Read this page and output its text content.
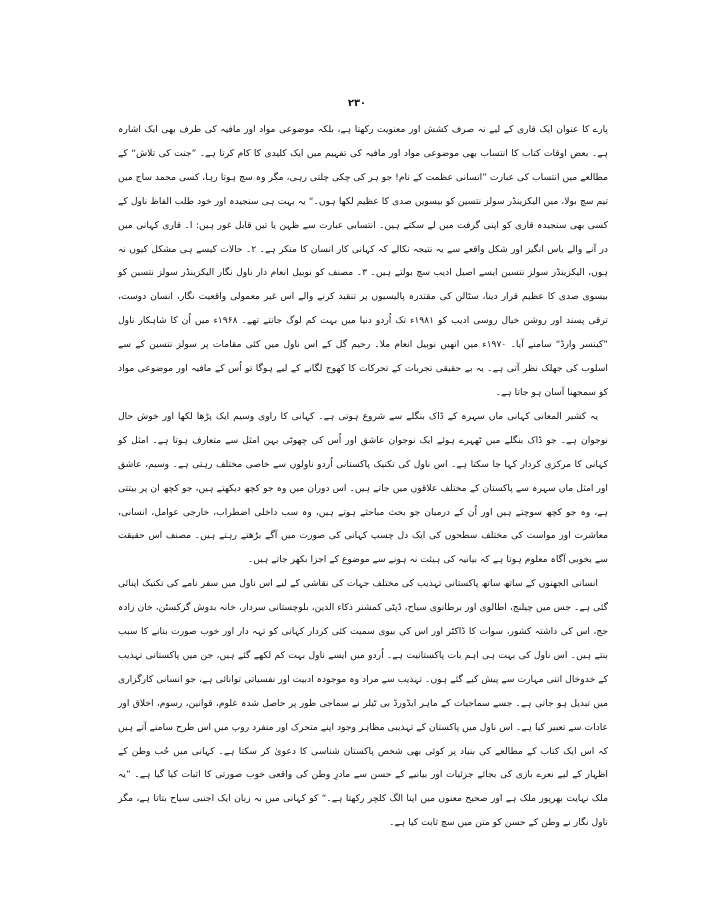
۲۳۰

پارے کا عنوان ایک قاری کے لیے نہ صرف کشش اور معنویت رکھتا ہے، بلکہ موضوعی مواد اور مافیہ کی طرف بھی ایک اشارہ ہے۔ بعض اوقات کتاب کا انتساب بھی موضوعی مواد اور مافیہ کی تفہیم میں ایک کلیدی کا کام کرتا ہے۔ ”جنت کی تلاش“ کے مطالعے میں انتساب کی عبارت ”انسانی عظمت کے نام! جو ہر کی چکی چلتی رہی، مگر وہ سچ ہوتا رہا، کسی محمد ساج میں تیم سچ بولا، میں الیکزینڈر سولز نتسین کو بیسویں صدی کا عظیم لکھا ہوں۔“ یہ بہت ہی سنجیدہ اور خود طلب الفاظ ناول کے کسی بھی سنجیدہ قاری کو اپنی گرفت میں لے سکتے ہیں۔ انتسابی عبارت سے ظہن یا تیں قابل غور ہیں: ا۔ قاری کہانی میں در آنے والے یاس انگیز اور شکل واقعے سے یہ نتیجہ نکالے کہ کہانی کار انسان کا منکر ہے۔ ۲۔ حالات کیسے ہی مشکل کیوں نہ ہوں، الیکزینڈر سولز نتسین ایسے اصیل ادیب سچ بولتے ہیں۔ ۳۔ مصنف کو نوبیل انعام دار ناول نگار الیکزینڈر سولز نتسین کو بیسوی صدی کا عظیم قرار دینا، سٹالن کی مقتدرہ پالیسیوں پر تنقید کرنے والے اس غیر معمولی واقعیت نگار، انسان دوست، ترقی پسند اور روشن خیال روسی ادیب کو ۱۹۸۱ء تک اُردو دنیا میں بہت کم لوگ جانتے تھے۔ ۱۹۶۸ء میں اُن کا شاہکار ناول ”کینسر وارڈ“ سامنے آیا۔ ۱۹۷۰ء میں انھیں نوبیل انعام ملا۔ رحیم گل کے اس ناول میں کئی مقامات پر سولز نتسین کے سے اسلوب کی جھلک نظر آتی ہے۔ یہ بے حقیقی تجربات کے تحرکات کا کھوج لگانے کے لیے ہوگا تو اُس کے مافیہ اور موضوعی مواد کو سمجھنا آسان ہو جاتا ہے۔

یہ کشیر المعانی کہانی ماں سہرہ کے ڈاک بنگلے سے شروع ہوتی ہے۔ کہانی کا راوی وسیم ایک پڑھا لکھا اور خوش حال نوجوان ہے۔ جو ڈاک بنگلے میں ٹھہرے ہوئے ایک نوجوان عاشق اور اُس کی چھوٹی بہن امثل سے متعارف ہوتا ہے۔ امثل کو کہانی کا مرکزی کردار کہا جا سکتا ہے۔ اس ناول کی تکنیک پاکستانی اُردو ناولوں سے خاصی مختلف رہتی ہے۔ وسیم، عاشق اور امثل ماں سہرہ سے پاکستان کے مختلف علاقوں میں جاتے ہیں۔ اس دوران میں وہ جو کچھ دیکھتے ہیں، جو کچھ ان پر بیتتی ہے، وہ جو کچھ سوچتے ہیں اور اُن کے درمیان جو بحث مباحثے ہوتے ہیں، وہ سب داخلی اضطراب، خارجی عوامل، انسانی، معاشرت اور مواست کی مختلف سطحوں کی ایک دل چسپ کہانی کی صورت میں آگے بڑھتے رہتے ہیں۔ مصنف اس حقیقت سے بخوبی آگاہ معلوم ہوتا ہے کہ بیانیہ کی ہیئت نہ ہونے سے موضوع کے اجزا بکھر جاتے ہیں۔

انسانی الجھنوں کے ساتھ ساتھ پاکستانی تہذیب کی مختلف جہات کی نقاشی کے لیے اس ناول میں سفر نامے کی تکنیک اپنائی گئی ہے۔ جس میں چیلنج، اطالوی اور برطانوی سیاح، ڈپٹی کمشنر ذکاء الدین، بلوچستانی سردار، خانہ بدوش گرکسٹن، خان زادہ جج، اس کی داشتہ کشور، سوات کا ڈاکٹر اور اس کی بیوی سمیت کئی کردار کہانی کو تہہ دار اور خوب صورت بنانے کا سبب بنتے ہیں۔ اس ناول کی بہت ہی اہم بات پاکستانیت ہے۔ اُردو میں ایسے ناول بہت کم لکھے گئے ہیں، جن میں پاکستانی تہذیب کے خدوخال اتنی مہارت سے پیش کیے گئے ہوں۔ تہذیب سے مراد وہ موجودہ ادبیت اور نفسیاتی توانائی ہے، جو انسانی کارگزاری میں تبدیل ہو جاتی ہے۔ جسے سماجیات کے ماہر ایڈورڈ بی ٹیلر نے سماجی طور پر حاصل شدہ علوم، قوانین، رسوم، اخلاق اور عادات سے تعبیر کیا ہے۔ اس ناول میں پاکستان کے تہذیبی مظاہر وجود اپنے متحرک اور منفرد روپ میں اس طرح سامنے آتے ہیں کہ اس ایک کتاب کے مطالعے کی بنیاد پر کوئی بھی شخص پاکستان شناسی کا دعویٰ کر سکتا ہے۔ کہانی میں حُب وطن کے اظہار کے لیے نعرے بازی کی بجائے جزئیات اور بیانیے کے حسن سے مادرِ وطن کی واقعی خوب صورتی کا اثبات کیا گیا ہے۔ ”یہ ملک نہایت بھرپور ملک ہے اور صحیح معنوں میں اپنا الگ کلچر رکھتا ہے۔“ کو کہانی میں بہ زبان ایک اجنبی سیاح بتاتا ہے، مگر ناول نگار نے وطن کے حسن کو متن میں سچ ثابت کیا ہے۔
